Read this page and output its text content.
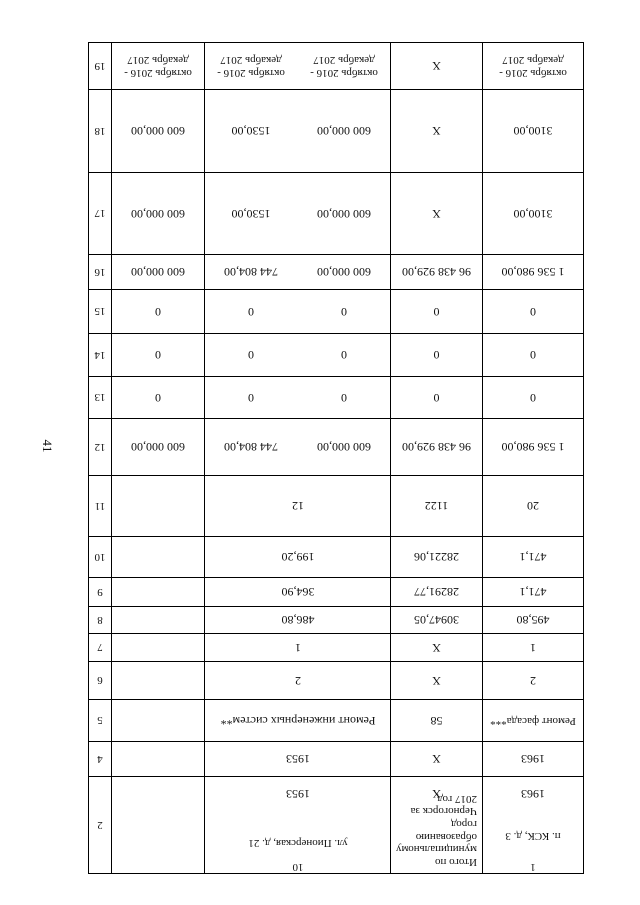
41
19
18
17
16
15
14
13
12
11
10
9
8
7
6
5
4
2
октябрь 2016 - декабрь 2017
600 000,00
600 000,00
600 000,00
0
0
0
600 000,00
октябрь 2016 - декабрь 2017
1530,00
1530,00
744 804,00
0
0
0
744 804,00
12
199,20
364,90
486,80
1
2
Ремонт инженерных систем**
1953
1953
ул. Пионерская, д. 21
октябрь 2016 - декабрь 2017
600 000,00
600 000,00
600 000,00
0
0
0
600 000,00
X
X
X
96 438 929,00
0
0
0
96 438 929,00
1122
28221,06
28291,77
30947,05
X
X
58
X
X
Итого по муниципальному образованию город Черногорск за 2017 год
октябрь 2016 - декабрь 2017
3100,00
3100,00
1 536 980,00
0
0
0
1 536 980,00
20
471,1
471,1
495,80
1
2
Ремонт фасада***
1963
1963
п. КСК, д. 3
1
10
